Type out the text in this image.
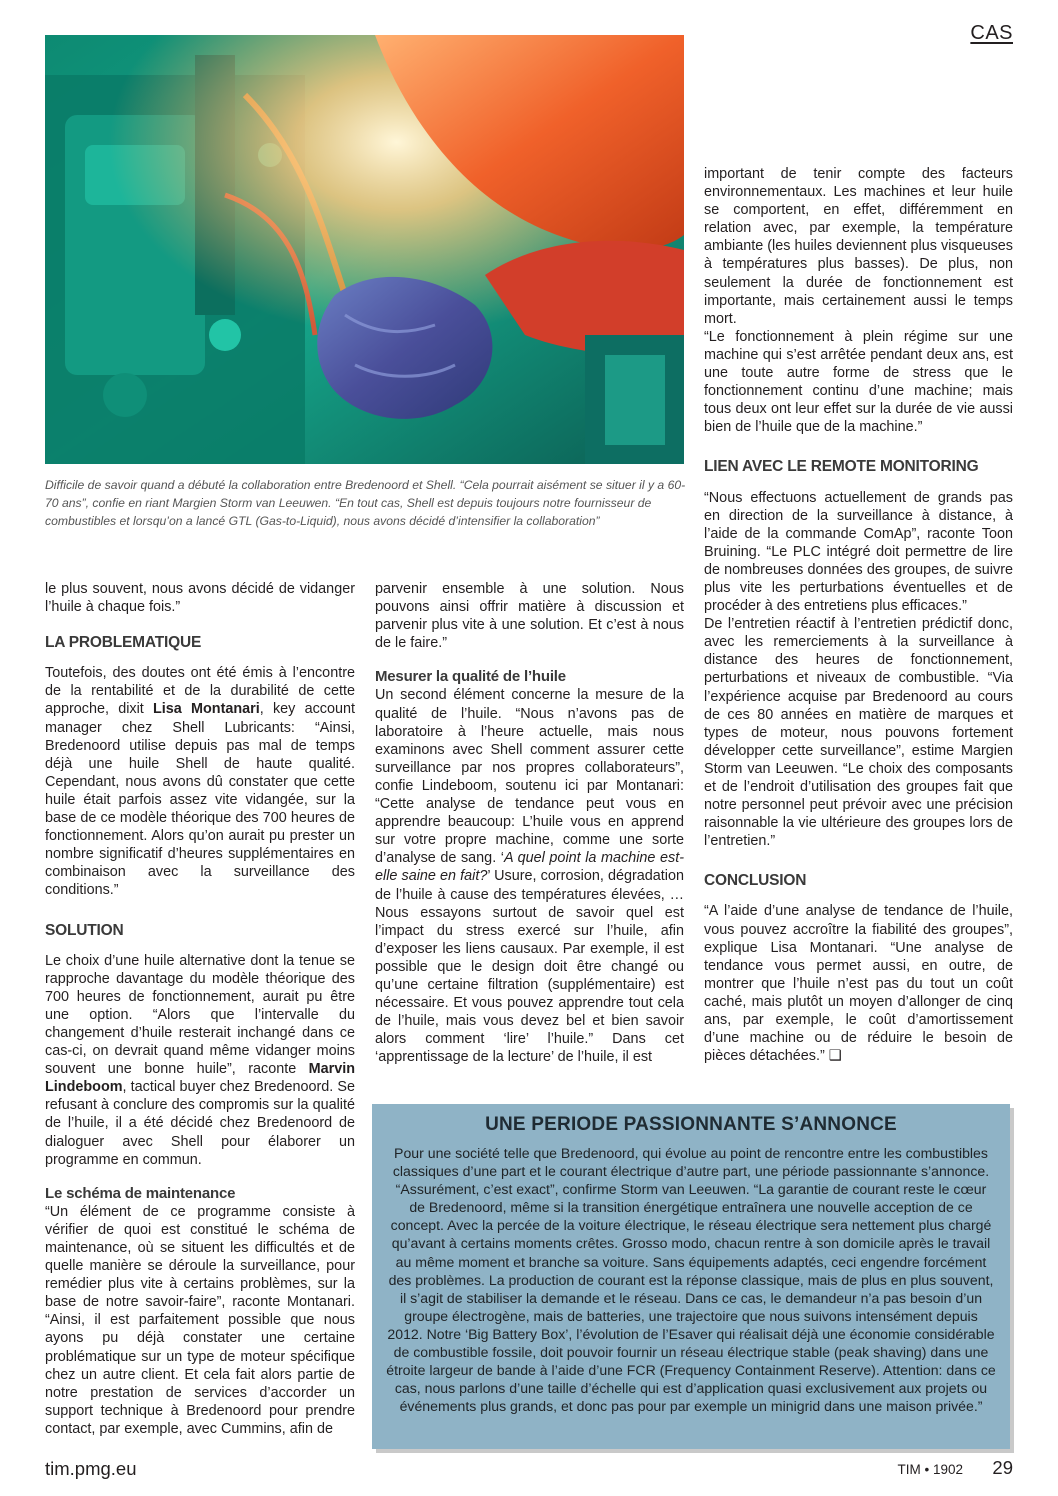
CAS
Difficile de savoir quand a débuté la collaboration entre Bredenoord et Shell. “Cela pourrait aisément se situer il y a 60-70 ans”, confie en riant Margien Storm van Leeuwen. “En tout cas, Shell est depuis toujours notre fournisseur de combustibles et lorsqu’on a lancé GTL (Gas-to-Liquid), nous avons décidé d’intensifier la collaboration”

le plus souvent, nous avons décidé de vidanger l’huile à chaque fois.”

LA PROBLEMATIQUE

Toutefois, des doutes ont été émis à l’encontre de la rentabilité et de la durabilité de cette approche, dixit Lisa Montanari, key account manager chez Shell Lubricants: “Ainsi, Bredenoord utilise depuis pas mal de temps déjà une huile Shell de haute qualité. Cependant, nous avons dû constater que cette huile était parfois assez vite vidangée, sur la base de ce modèle théorique des 700 heures de fonctionnement. Alors qu’on aurait pu prester un nombre significatif d’heures supplémentaires en combinaison avec la surveillance des conditions.”

SOLUTION

Le choix d’une huile alternative dont la tenue se rapproche davantage du modèle théorique des 700 heures de fonctionnement, aurait pu être une option. “Alors que l’intervalle du changement d’huile resterait inchangé dans ce cas-ci, on devrait quand même vidanger moins souvent une bonne huile”, raconte Marvin Lindeboom, tactical buyer chez Bredenoord. Se refusant à conclure des compromis sur la qualité de l’huile, il a été décidé chez Bredenoord de dialoguer avec Shell pour élaborer un programme en commun.

Le schéma de maintenance

“Un élément de ce programme consiste à vérifier de quoi est constitué le schéma de maintenance, où se situent les difficultés et de quelle manière se déroule la surveillance, pour remédier plus vite à certains problèmes, sur la base de notre savoir-faire”, raconte Montanari. “Ainsi, il est parfaitement possible que nous ayons pu déjà constater une certaine problématique sur un type de moteur spécifique chez un autre client. Et cela fait alors partie de notre prestation de services d’accorder un support technique à Bredenoord pour prendre contact, par exemple, avec Cummins, afin de

parvenir ensemble à une solution. Nous pouvons ainsi offrir matière à discussion et parvenir plus vite à une solution. Et c’est à nous de le faire.”

Mesurer la qualité de l’huile

Un second élément concerne la mesure de la qualité de l’huile. “Nous n’avons pas de laboratoire à l’heure actuelle, mais nous examinons avec Shell comment assurer cette surveillance par nos propres collaborateurs”, confie Lindeboom, soutenu ici par Montanari: “Cette analyse de tendance peut vous en apprendre beaucoup: L’huile vous en apprend sur votre propre machine, comme une sorte d’analyse de sang. ‘A quel point la machine est-elle saine en fait?’ Usure, corrosion, dégradation de l’huile à cause des températures élevées, … Nous essayons surtout de savoir quel est l’impact du stress exercé sur l’huile, afin d’exposer les liens causaux. Par exemple, il est possible que le design doit être changé ou qu’une certaine filtration (supplémentaire) est nécessaire. Et vous pouvez apprendre tout cela de l’huile, mais vous devez bel et bien savoir alors comment ‘lire’ l’huile.” Dans cet ‘apprentissage de la lecture’ de l’huile, il est

important de tenir compte des facteurs environnementaux. Les machines et leur huile se comportent, en effet, différemment en relation avec, par exemple, la température ambiante (les huiles deviennent plus visqueuses à températures plus basses). De plus, non seulement la durée de fonctionnement est importante, mais certainement aussi le temps mort.

“Le fonctionnement à plein régime sur une machine qui s’est arrêtée pendant deux ans, est une toute autre forme de stress que le fonctionnement continu d’une machine; mais tous deux ont leur effet sur la durée de vie aussi bien de l’huile que de la machine.”

LIEN AVEC LE REMOTE MONITORING

“Nous effectuons actuellement de grands pas en direction de la surveillance à distance, à l’aide de la commande ComAp”, raconte Toon Bruining. “Le PLC intégré doit permettre de lire de nombreuses données des groupes, de suivre plus vite les perturbations éventuelles et de procéder à des entretiens plus efficaces.”

De l’entretien réactif à l’entretien prédictif donc, avec les remerciements à la surveillance à distance des heures de fonctionnement, perturbations et niveaux de combustible. “Via l’expérience acquise par Bredenoord au cours de ces 80 années en matière de marques et types de moteur, nous pouvons fortement développer cette surveillance”, estime Margien Storm van Leeuwen. “Le choix des composants et de l’endroit d’utilisation des groupes fait que notre personnel peut prévoir avec une précision raisonnable la vie ultérieure des groupes lors de l’entretien.”

CONCLUSION

“A l’aide d’une analyse de tendance de l’huile, vous pouvez accroître la fiabilité des groupes”, explique Lisa Montanari. “Une analyse de tendance vous permet aussi, en outre, de montrer que l’huile n’est pas du tout un coût caché, mais plutôt un moyen d’allonger de cinq ans, par exemple, le coût d’amortissement d’une machine ou de réduire le besoin de pièces détachées.” ❑

UNE PERIODE PASSIONNANTE S’ANNONCE

Pour une société telle que Bredenoord, qui évolue au point de rencontre entre les combustibles classiques d’une part et le courant électrique d’autre part, une période passionnante s’annonce. “Assurément, c’est exact”, confirme Storm van Leeuwen. “La garantie de courant reste le cœur de Bredenoord, même si la transition énergétique entraînera une nouvelle acception de ce concept. Avec la percée de la voiture électrique, le réseau électrique sera nettement plus chargé qu’avant à certains moments crêtes. Grosso modo, chacun rentre à son domicile après le travail au même moment et branche sa voiture. Sans équipements adaptés, ceci engendre forcément des problèmes. La production de courant est la réponse classique, mais de plus en plus souvent, il s’agit de stabiliser la demande et le réseau. Dans ce cas, le demandeur n’a pas besoin d’un groupe électrogène, mais de batteries, une trajectoire que nous suivons intensément depuis 2012. Notre ‘Big Battery Box’, l’évolution de l’Esaver qui réalisait déjà une économie considérable de combustible fossile, doit pouvoir fournir un réseau électrique stable (peak shaving) dans une étroite largeur de bande à l’aide d’une FCR (Frequency Containment Reserve). Attention: dans ce cas, nous parlons d’une taille d’échelle qui est d’application quasi exclusivement aux projets ou événements plus grands, et donc pas pour par exemple un minigrid dans une maison privée.”

tim.pmg.eu	TIM • 1902 29
